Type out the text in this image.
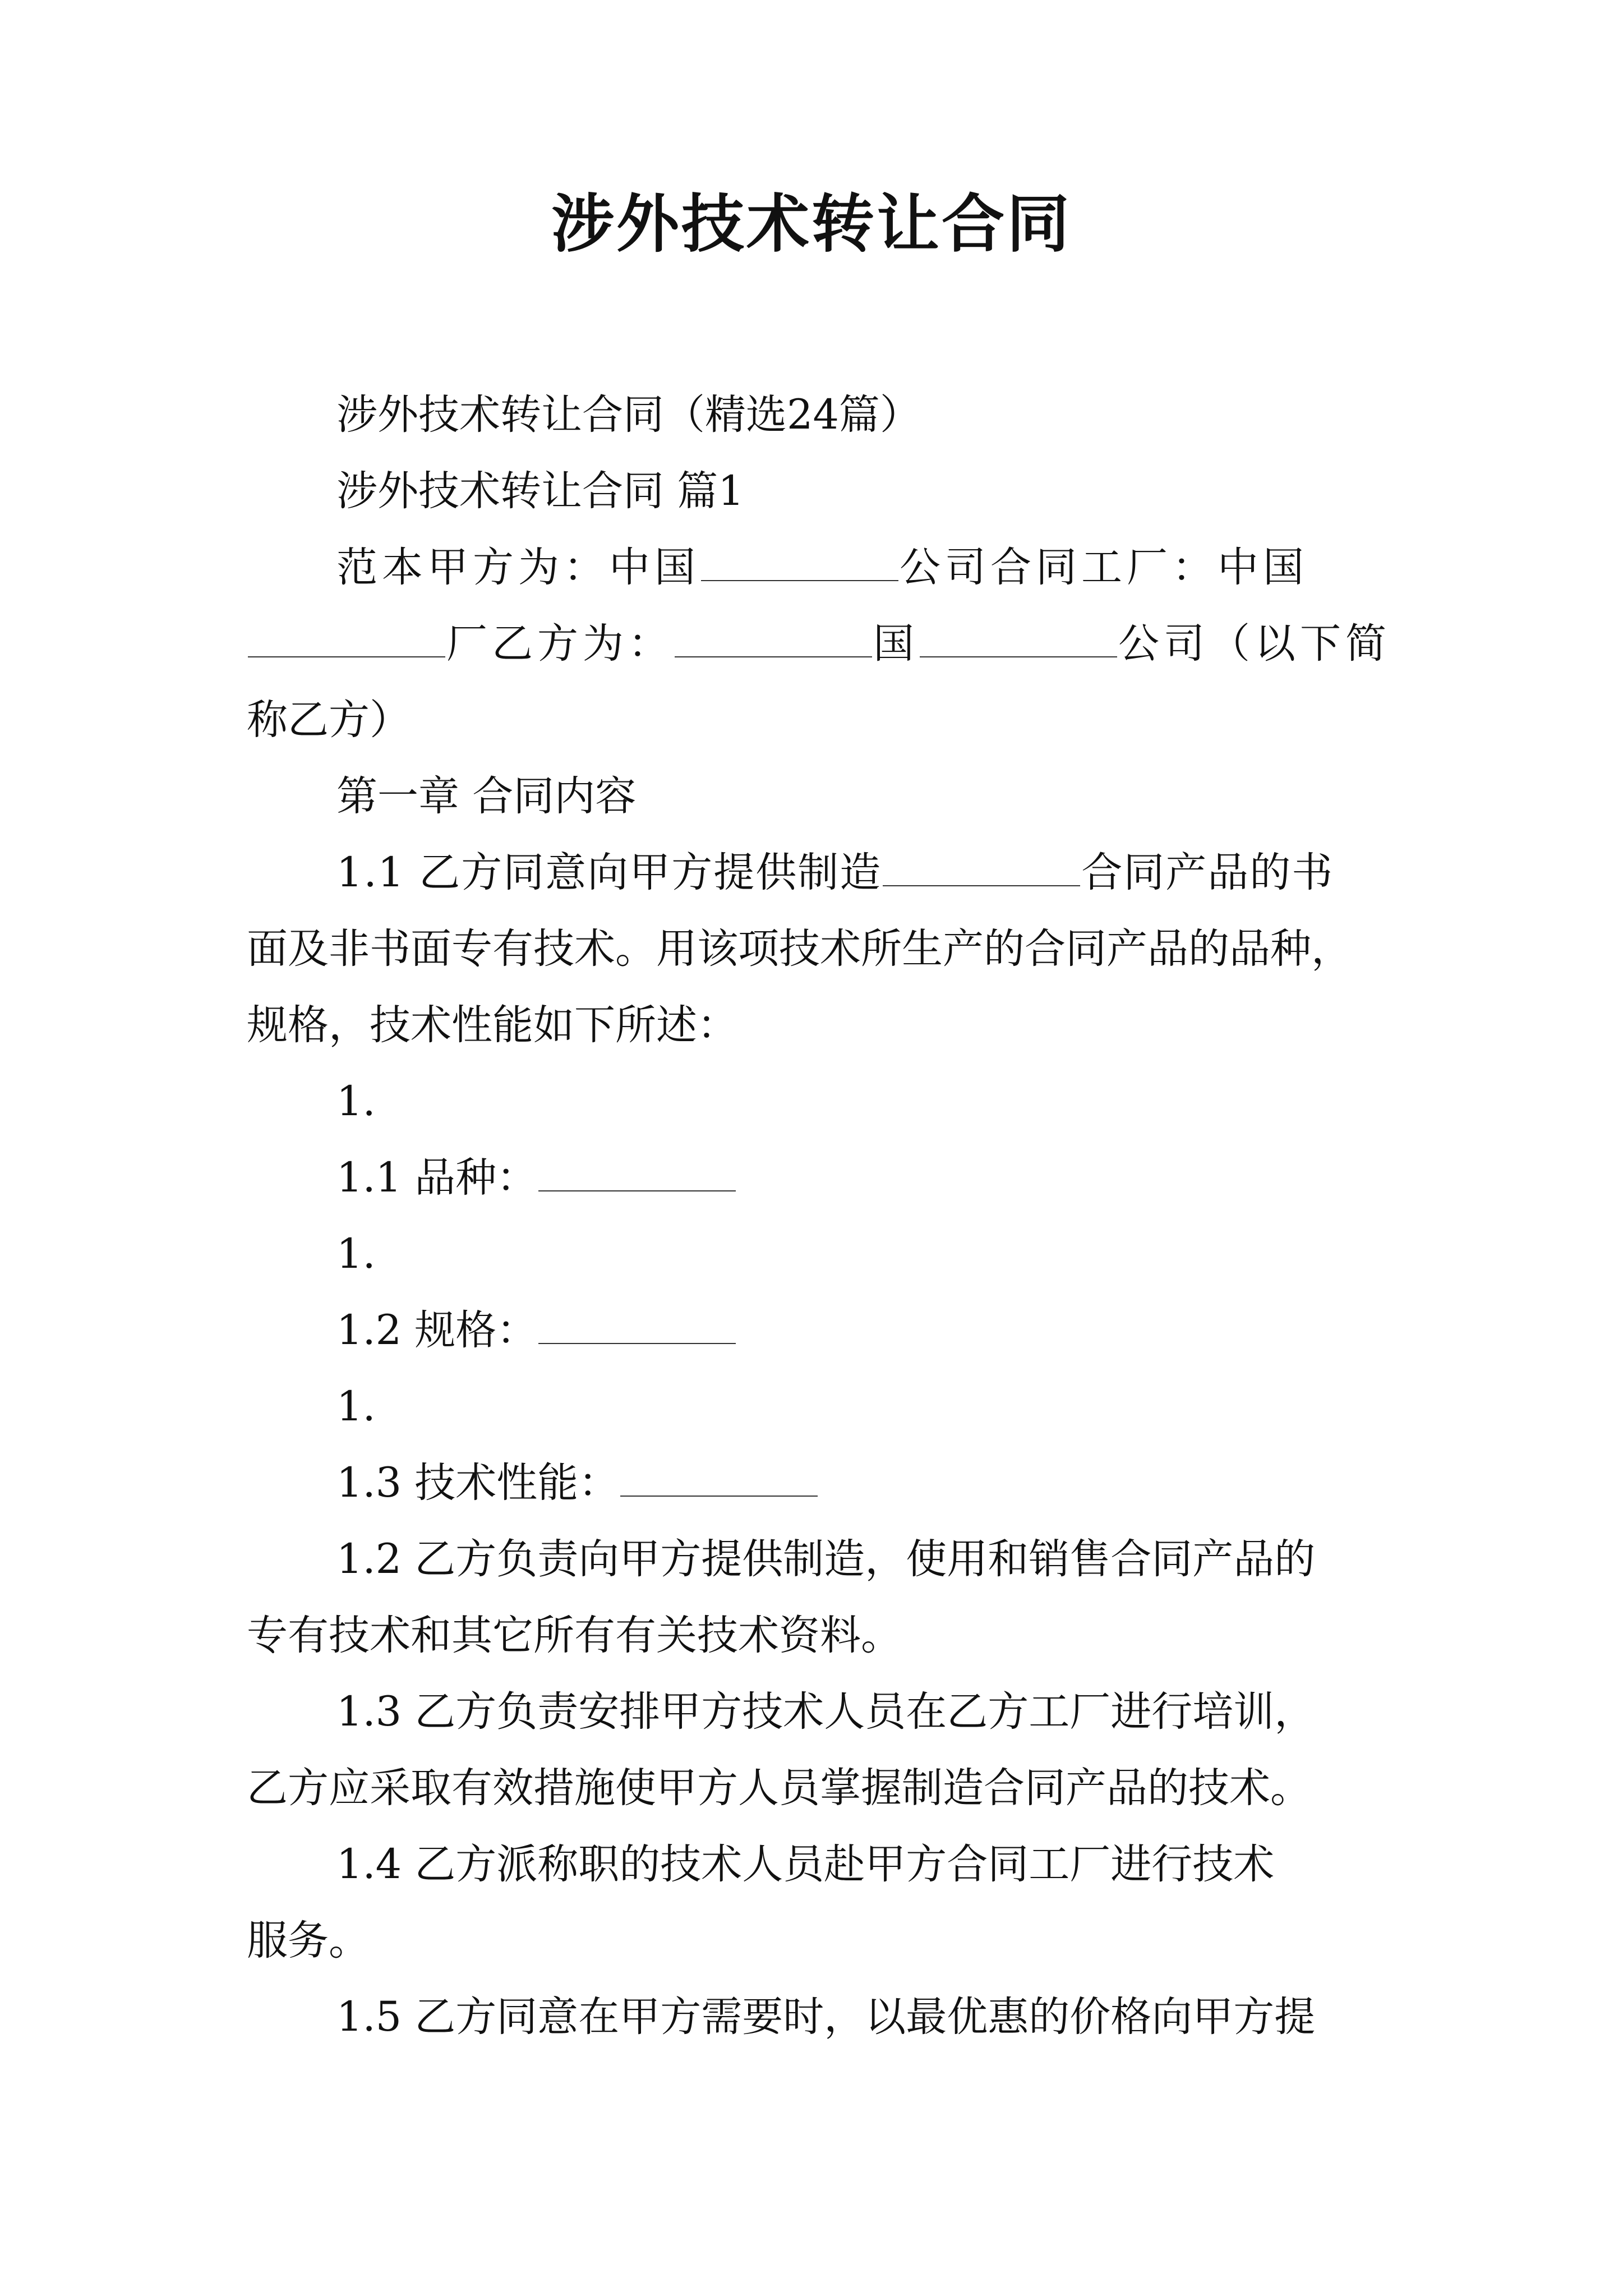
涉外技术转让合同
涉外技术转让合同（精选24篇）
涉外技术转让合同 篇1
范本甲方为：中国	公司合同工厂：中国
厂乙方为：	国	公司（以下简
称乙方）
第一章 合同内容
1.1 乙方同意向甲方提供制造	合同产品的书
面及非书面专有技术。用该项技术所生产的合同产品的品种，
规格，技术性能如下所述：
1.
1.1 品种：
1.
1.2 规格：
1.
1.3 技术性能：
1.2 乙方负责向甲方提供制造，使用和销售合同产品的
专有技术和其它所有有关技术资料。
1.3 乙方负责安排甲方技术人员在乙方工厂进行培训，
乙方应采取有效措施使甲方人员掌握制造合同产品的技术。
1.4 乙方派称职的技术人员赴甲方合同工厂进行技术
服务。
1.5 乙方同意在甲方需要时，以最优惠的价格向甲方提
